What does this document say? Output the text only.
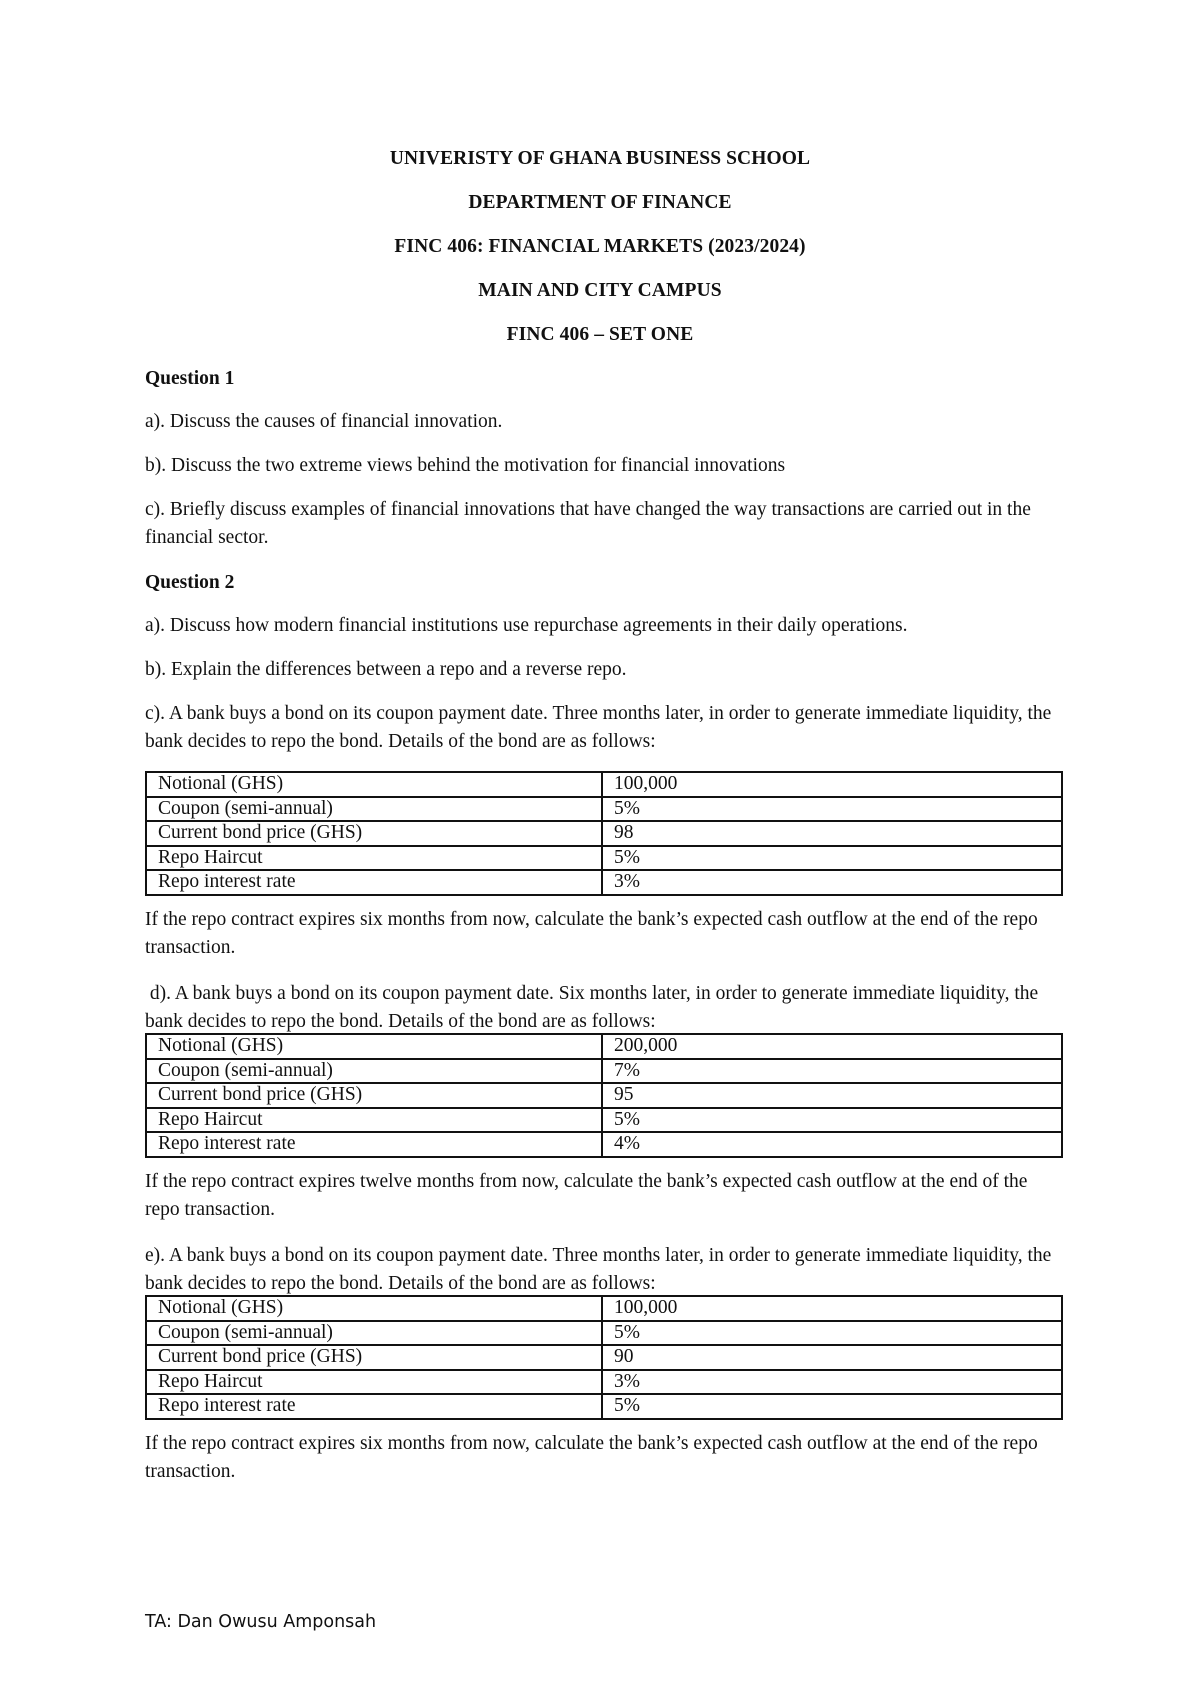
UNIVERISTY OF GHANA BUSINESS SCHOOL
DEPARTMENT OF FINANCE
FINC 406: FINANCIAL MARKETS (2023/2024)
MAIN AND CITY CAMPUS
FINC 406 – SET ONE
Question 1
a). Discuss the causes of financial innovation.
b). Discuss the two extreme views behind the motivation for financial innovations
c). Briefly discuss examples of financial innovations that have changed the way transactions are carried out in the financial sector.
Question 2
a). Discuss how modern financial institutions use repurchase agreements in their daily operations.
b). Explain the differences between a repo and a reverse repo.
c). A bank buys a bond on its coupon payment date. Three months later, in order to generate immediate liquidity, the bank decides to repo the bond. Details of the bond are as follows:
Notional (GHS)	100,000
Coupon (semi-annual)	5%
Current bond price (GHS)	98
Repo Haircut	5%
Repo interest rate	3%
If the repo contract expires six months from now, calculate the bank’s expected cash outflow at the end of the repo transaction.
d). A bank buys a bond on its coupon payment date. Six months later, in order to generate immediate liquidity, the bank decides to repo the bond. Details of the bond are as follows:
Notional (GHS)	200,000
Coupon (semi-annual)	7%
Current bond price (GHS)	95
Repo Haircut	5%
Repo interest rate	4%
If the repo contract expires twelve months from now, calculate the bank’s expected cash outflow at the end of the repo transaction.
e). A bank buys a bond on its coupon payment date. Three months later, in order to generate immediate liquidity, the bank decides to repo the bond. Details of the bond are as follows:
Notional (GHS)	100,000
Coupon (semi-annual)	5%
Current bond price (GHS)	90
Repo Haircut	3%
Repo interest rate	5%
If the repo contract expires six months from now, calculate the bank’s expected cash outflow at the end of the repo transaction.
TA: Dan Owusu Amponsah
